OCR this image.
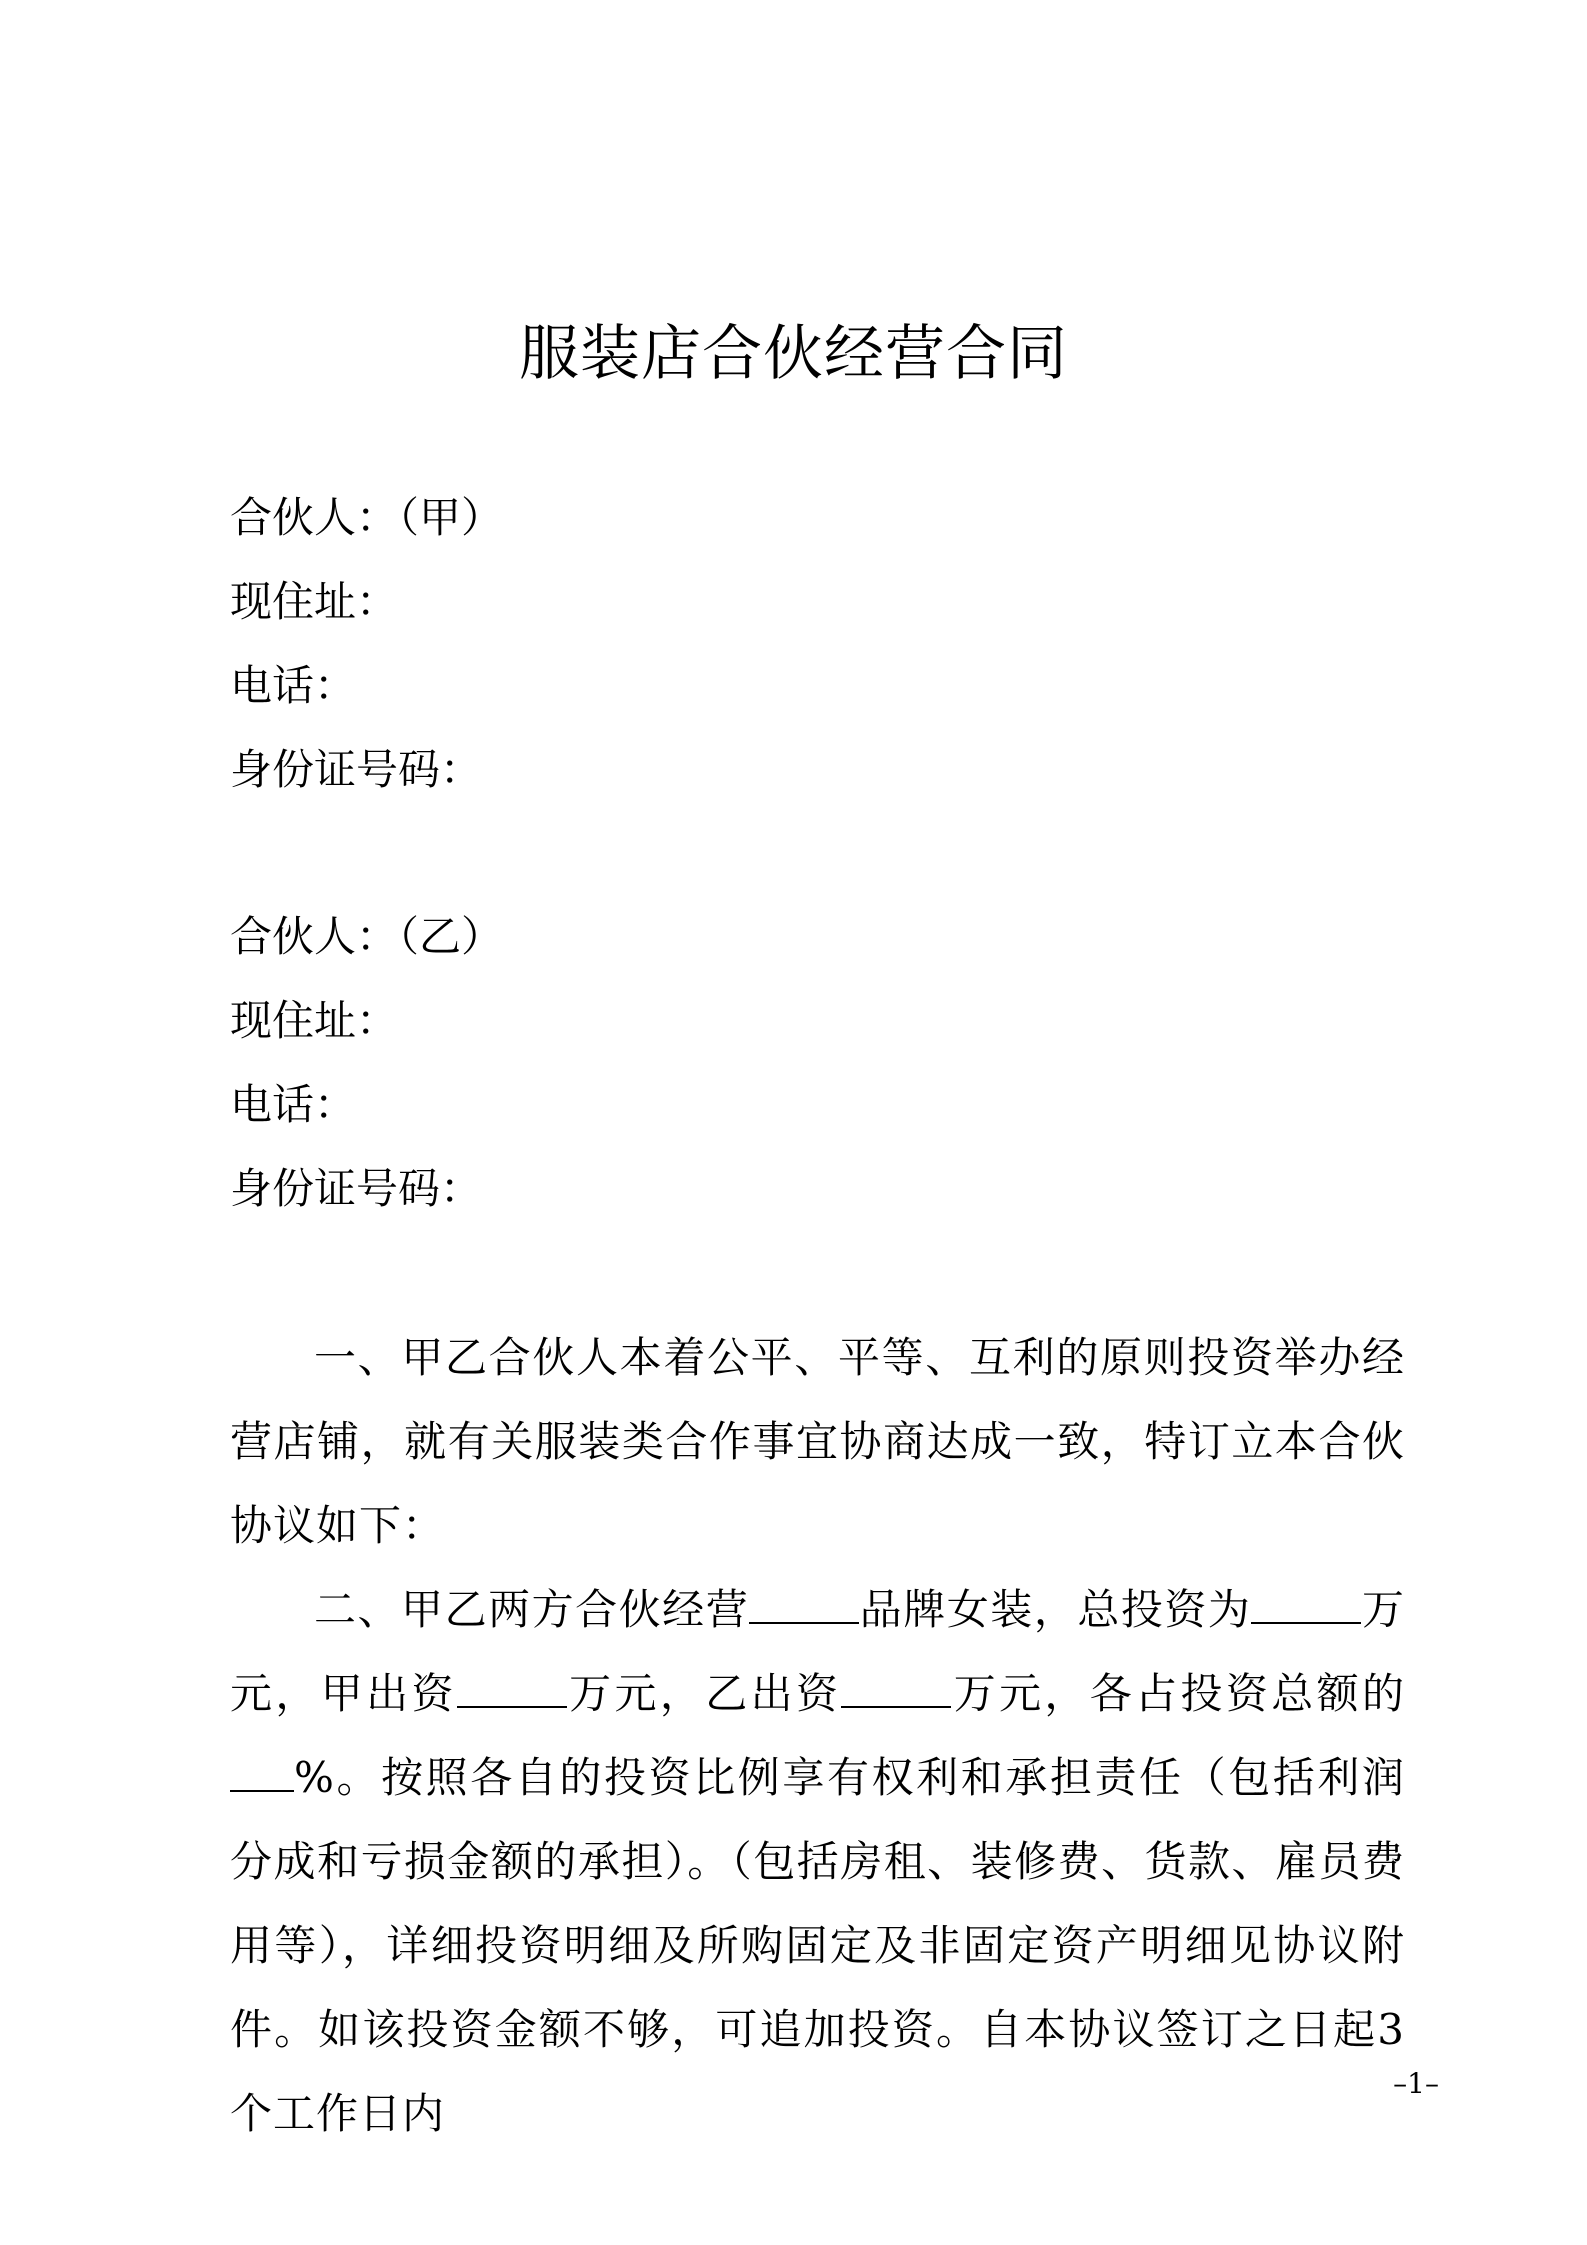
服装店合伙经营合同
合伙人：（甲）
现住址：
电话：
身份证号码：
合伙人：（乙）
现住址：
电话：
身份证号码：
一、甲乙合伙人本着公平、平等、互利的原则投资举办经营店铺，就有关服装类合作事宜协商达成一致，特订立本合伙协议如下：
二、甲乙两方合伙经营	品牌女装，总投资为	万元，甲出资	万元，乙出资	万元，各占投资总额的%。按照各自的投资比例享有权利和承担责任（包括利润分成和亏损金额的承担）。（包括房租、装修费、货款、雇员费用等），详细投资明细及所购固定及非固定资产明细见协议附件。如该投资金额不够，可追加投资。自本协议签订之日起3个工作日内
–1–
